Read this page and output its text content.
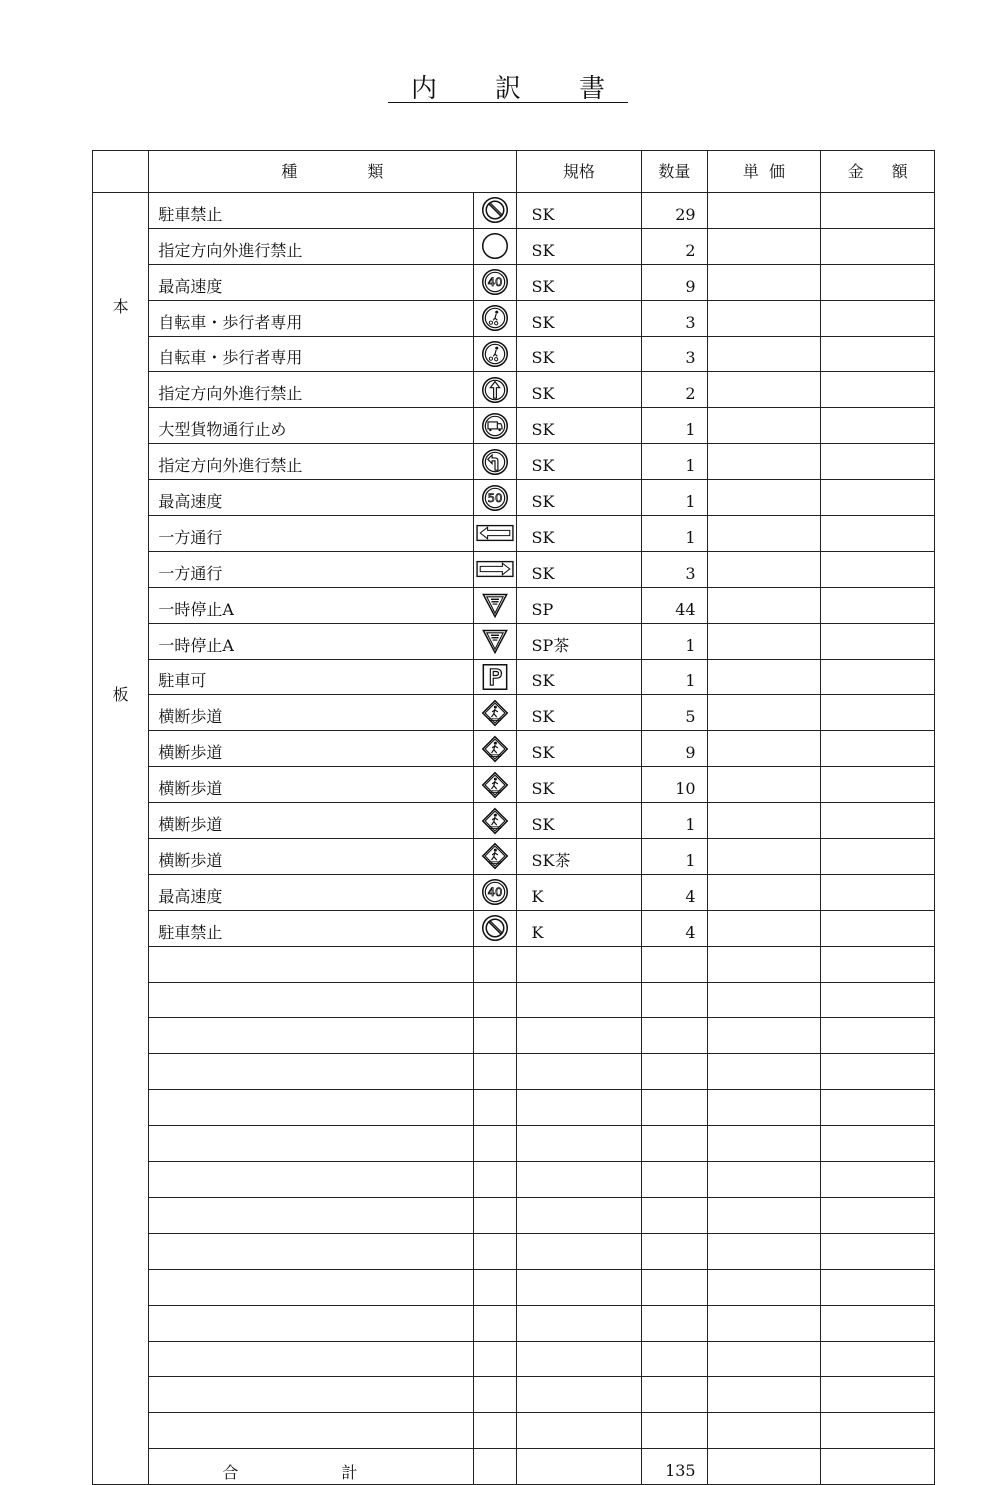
内 訳 書
	種 類		規格	数量	単 価	金 額

本
板	駐車禁止		SK	29		
	指定方向外進行禁止		SK	2		
	最高速度	40	SK	9		
	自転車・歩行者専用		SK	3		
	自転車・歩行者専用		SK	3		
	指定方向外進行禁止		SK	2		
	大型貨物通行止め		SK	1		
	指定方向外進行禁止		SK	1		
	最高速度	50	SK	1		
	一方通行		SK	1		
	一方通行		SK	3		
	一時停止A		SP	44		
	一時停止A		SP茶	1		
	駐車可		SK	1		
	横断歩道		SK	5		
	横断歩道		SK	9		
	横断歩道		SK	10		
	横断歩道		SK	1		
	横断歩道		SK茶	1		
	最高速度	40	K	4		
	駐車禁止		K	4		

	合 計			135		
